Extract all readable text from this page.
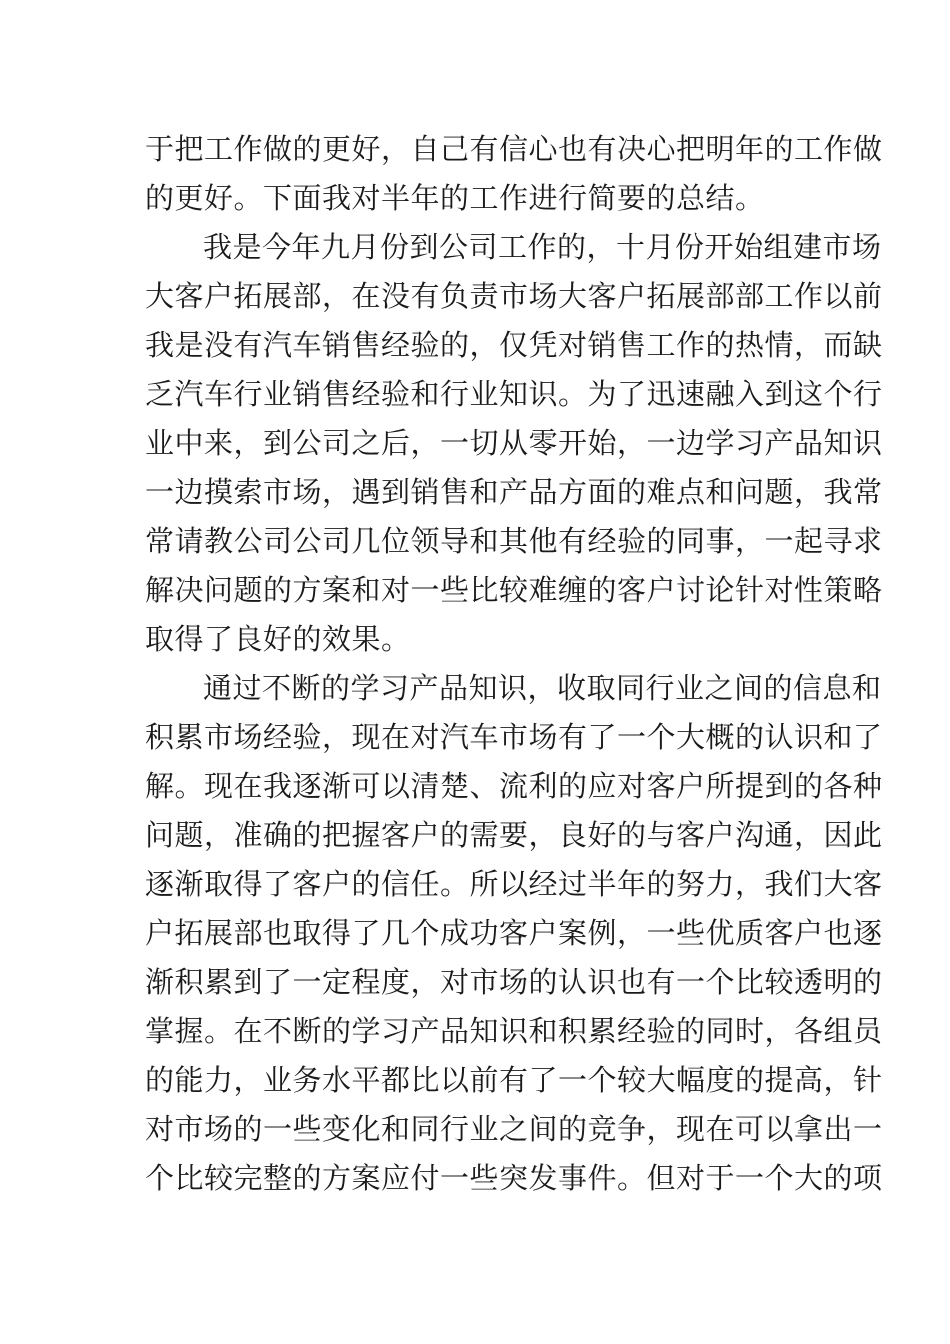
于把工作做的更好，自己有信心也有决心把明年的工作做
的更好。下面我对半年的工作进行简要的总结。
我是今年九月份到公司工作的，十月份开始组建市场
大客户拓展部，在没有负责市场大客户拓展部部工作以前
我是没有汽车销售经验的，仅凭对销售工作的热情，而缺
乏汽车行业销售经验和行业知识。为了迅速融入到这个行
业中来，到公司之后，一切从零开始，一边学习产品知识
一边摸索市场，遇到销售和产品方面的难点和问题，我常
常请教公司公司几位领导和其他有经验的同事，一起寻求
解决问题的方案和对一些比较难缠的客户讨论针对性策略
取得了良好的效果。
通过不断的学习产品知识，收取同行业之间的信息和
积累市场经验，现在对汽车市场有了一个大概的认识和了
解。现在我逐渐可以清楚、流利的应对客户所提到的各种
问题，准确的把握客户的需要，良好的与客户沟通，因此
逐渐取得了客户的信任。所以经过半年的努力，我们大客
户拓展部也取得了几个成功客户案例，一些优质客户也逐
渐积累到了一定程度，对市场的认识也有一个比较透明的
掌握。在不断的学习产品知识和积累经验的同时，各组员
的能力，业务水平都比以前有了一个较大幅度的提高，针
对市场的一些变化和同行业之间的竞争，现在可以拿出一
个比较完整的方案应付一些突发事件。但对于一个大的项
